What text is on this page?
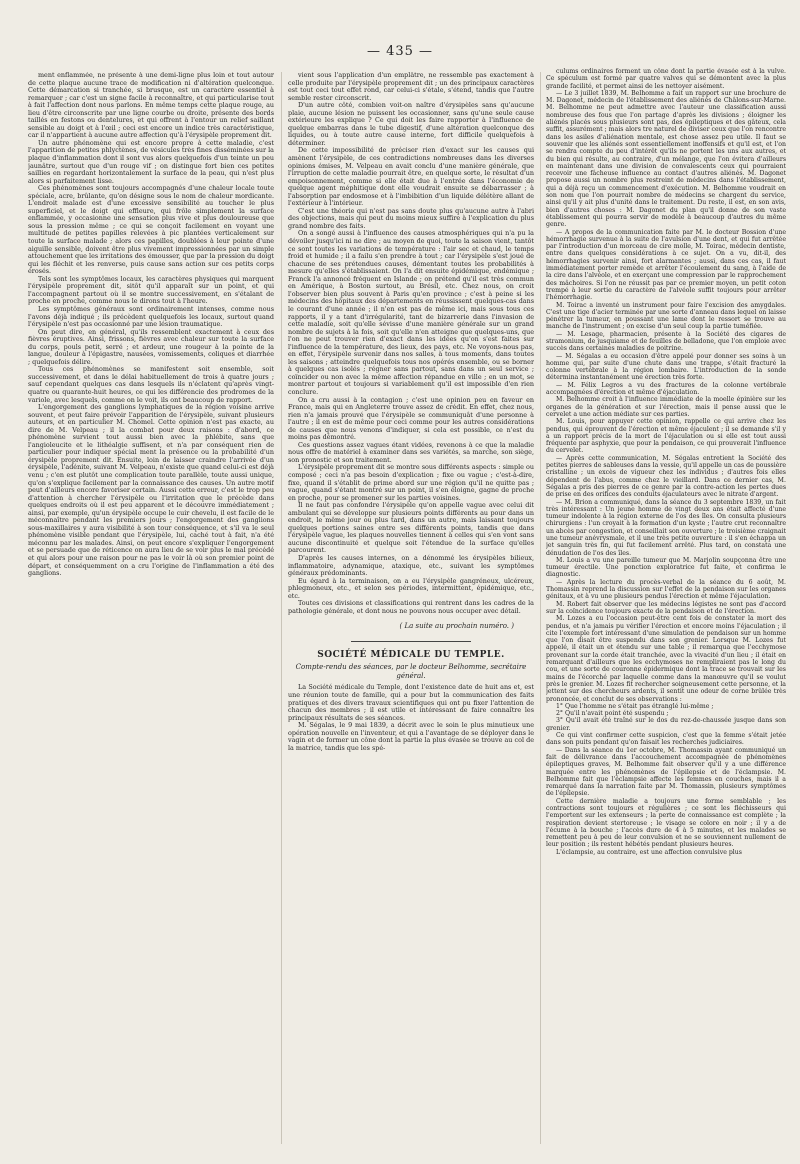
— 435 —

ment enflammée, ne présente à une demi-ligne plus loin et tout autour de cette plaque aucune trace de modification ni d'altération quelconque. Cette démarcation si tranchée, si brusque, est un caractère essentiel à remarquer ; car c'est un signe facile à reconnaître, et qui particularise tout à fait l'affection dont nous parlons. En même temps cette plaque rouge, au lieu d'être circonscrite par une ligne courbe ou droite, présente des bords taillés en festons ou dentelures, et qui offrent à l'entour un relief saillant sensible au doigt et à l'œil ; ceci est encore un indice très caractéristique, car il n'appartient à aucune autre affection qu'à l'érysipèle proprement dit.

Un autre phénomène qui est encore propre à cette maladie, c'est l'apparition de petites phlyctènes, de vésicules très fines disséminées sur la plaque d'inflammation dont il sont vus alors quelquefois d'un teinte un peu jaunâtre, surtout que d'un rouge vif ; on distingue fort bien ces petites saillies en regardant horizontalement la surface de la peau, qui n'est plus alors si parfaitement lisse.

Ces phénomènes sont toujours accompagnés d'une chaleur locale toute spéciale, acre, brûlante, qu'on désigne sous le nom de chaleur mordicante. L'endroit malade est d'une excessive sensibilité au toucher le plus superficiel, et le doigt qui effleure, qui frôle simplement la surface enflammée, y occasionne une sensation plus vive et plus douloureuse que sous la pression même ; ce qui se conçoit facilement en voyant une multitude de petites papilles relevées à pic plantées verticalement sur toute la surface malade ; alors ces papilles, doublées à leur pointe d'une aiguille sensible, doivent être plus vivement impressionnées par un simple attouchement que les irritations des émousser, que par la pression du doigt qui les fléchit et les renverse, puis cause sans action sur ces petits corps érosés.

Tels sont les symptômes locaux, les caractères physiques qui marquent l'érysipèle proprement dit, sitôt qu'il apparaît sur un point, et qui l'accompagnent partout où il se montre successivement, en s'étalant de proche en proche, comme nous le dirons tout à l'heure.

Les symptômes généraux sont ordinairement intenses, comme nous l'avons déjà indiqué ; ils précèdent quelquefois les locaux, surtout quand l'érysipèle n'est pas occasionné par une lésion traumatique.

On peut dire, en général, qu'ils ressemblent exactement à ceux des fièvres éruptives. Ainsi, frissons, fièvres avec chaleur sur toute la surface du corps, pouls petit, serré ; et ardeur, une rougeur à la pointe de la langue, douleur à l'épigastre, nausées, vomissements, coliques et diarrhée ; quelquefois délire.

Tous ces phénomènes se manifestent soit ensemble, soit successivement, et dans le délai habituellement de trois à quatre jours ; sauf cependant quelques cas dans lesquels ils n'éclatent qu'après vingt-quatre ou quarante-huit heures, ce qui les différencie des prodromes de la variole, avec lesquels, comme on le voit, ils ont beaucoup de rapport.

L'engorgement des ganglions lymphatiques de la région voisine arrive souvent, et peut faire prévoir l'apparition de l'érysipèle, suivant plusieurs auteurs, et en particulier M. Chomel. Cette opinion n'est pas exacte, au dire de M. Velpeau ; il la combat pour deux raisons : d'abord, ce phénomène survient tout aussi bien avec la phlébite, sans que l'angioleucite et le lithéalgie suffisent, et n'a par conséquent rien de particulier pour indiquer spécial ment la présence ou la probabilité d'un érysipèle proprement dit. Ensuite, loin de laisser craindre l'arrivée d'un érysipèle, l'adénite, suivant M. Velpeau, n'existe que quand celui-ci est déjà venu ; c'en est plutôt une complication toute parallèle, toute aussi unique, qu'on s'explique facilement par la connaissance des causes. Un autre motif peut d'ailleurs encore favoriser certain. Aussi cette erreur, c'est le trop peu d'attention à chercher l'érysipèle ou l'irritation que le précède dans quelques endroits où il est peu apparent et le découvre immédiatement ; ainsi, par exemple, qu'un érysipèle occupe le cuir chevelu, il est facile de le méconnaître pendant les premiers jours ; l'engorgement des ganglions sous-maxillaires y aura visibilité à son tour conséquence, et s'il va le seul phénomène visible pendant que l'érysipèle, lui, caché tout à fait, n'a été méconnu par les malades. Ainsi, on peut encore s'expliquer l'engorgement et se persuade que de réticence on aura lieu de se voir plus le mal précédé et qui alors pour une raison pour ne pas le voir là où son premier point de départ, et conséquemment on a cru l'origine de l'inflammation a été des ganglions.

vient sous l'application d'un emplâtre, ne ressemble pas exactement à celle produite par l'érysipèle proprement dit ; un des principaux caractères est tout ceci tout effet rond, car celui-ci s'étale, s'étend, tandis que l'autre semble rester circonscrit.

D'un autre côté, combien voit-on naître d'érysipèles sans qu'aucune plaie, aucune lésion ne puissent les occasionner, sans qu'une seule cause extérieure les explique ? Ce qui doit les faire rapporter à l'influence de quelque embarras dans le tube digestif, d'une altération quelconque des liquides, ou à toute autre cause interne, fort difficile quelquefois à déterminer.

De cette impossibilité de préciser rien d'exact sur les causes qui amènent l'érysipèle, de ces contradictions nombreuses dans les diverses opinions émises, M. Velpeau en avait conclu d'une manière générale, que l'irruption de cette maladie pourrait être, en quelque sorte, le résultat d'un empoisonnement, comme si elle était due à l'entrée dans l'économie de quelque agent méphitique dont elle voudrait ensuite se débarrasser ; à l'absorption par endosmose et à l'imbibition d'un liquide délétère allant de l'extérieur à l'intérieur.

C'est une théorie qui n'est pas sans doute plus qu'aucune autre à l'abri des objections, mais qui peut du moins mieux suffire à l'explication du plus grand nombre des faits.

On a songé aussi à l'influence des causes atmosphériques qui n'a pu la dévoiler jusqu'ici ni ne dire ; au moyen de quoi, toute la saison vient, tantôt ce sont toutes les variations de température : l'air sec et chaud, le temps froid et humide ; il a failu s'en prendre à tout ; car l'érysipèle s'est joué de chacune de ses prétendues causes, démentant toutes les probabilités à mesure qu'elles s'établissaient. On l'a dit ensuite épidémique, endémique ; Franck l'a annoncé fréquent en Islande ; on prétend qu'il est très commun en Amérique, à Boston surtout, au Brésil, etc. Chez nous, on croit l'observer bien plus souvent à Paris qu'en province ; c'est à peine si les médecins des hôpitaux des départements en réussissent quelques-cas dans le courant d'une année ; il n'en est pas de même ici, mais sous tous ces rapports, il y a tant d'irrégularité, tant de bizarrerie dans l'invasion de cette maladie, soit qu'elle sévisse d'une manière générale sur un grand nombre de sujets à la fois, soit qu'elle n'en atteigne que quelques-uns, que l'on ne peut trouver rien d'exact dans les idées qu'on s'est faites sur l'influence de la température, des lieux, des pays, etc. Ne voyons-nous pas, en effet, l'érysipèle survenir dans nos salles, à tous moments, dans toutes les saisons ; atteindre quelquefois tous nos opérés ensemble, ou se borner à quelques cas isolés ; régner sans partout, sans dans un seul service ; coïncider ou non avec la même affection répandue en ville ; en un mot, se montrer partout et toujours si variablement qu'il est impossible d'en rien conclure.

On a cru aussi à la contagion ; c'est une opinion peu en faveur en France, mais qui en Angleterre trouve assez de crédit. En effet, chez nous, rien n'a jamais prouvé que l'érysipèle se communiquât d'une personne à l'autre ; il en est de même pour ceci comme pour les autres considérations de causes que nous venons d'indiquer, si cela est possible, ce n'est du moins pas démontré.

Ces questions assez vagues étant vidées, revenons à ce que la maladie nous offre de matériel à examiner dans ses variétés, sa marche, son siège, son pronostic et son traitement.

L'érysipèle proprement dit se montre sous différents aspects : simple ou composé ; ceci n'a pas besoin d'explication ; fixe ou vague ; c'est-à-dire, fixe, quand il s'établit de prime abord sur une région qu'il ne quitte pas ; vague, quand s'étant montré sur un point, il s'en éloigne, gagne de proche en proche, pour se promener sur les parties voisines.

Il ne faut pas confondre l'érysipèle qu'on appelle vague avec celui dit ambulant qui se développe sur plusieurs points différents au pour dans un endroit, le même jour ou plus tard, dans un autre, mais laissant toujours quelques portions saines entre ses différents points, tandis que dans l'érysipèle vague, les plaques nouvelles tiennent à celles qui s'en vont sans aucune discontinuité et quelque soit l'étendue de la surface qu'elles parcourent.

D'après les causes internes, on a dénommé les érysipèles bilieux, inflammatoire, adynamique, ataxique, etc., suivant les symptômes généraux prédominants.

Eu égard à la terminaison, on a eu l'érysipèle gangréneux, ulcéreux, phlegmoneux, etc., et selon ses périodes, intermittent, épidémique, etc., etc.

Toutes ces divisions et classifications qui rentrent dans les cadres de la pathologie générale, et dont nous ne pouvons nous occuper avec détail.

( La suite au prochain numéro. )
SOCIÉTÉ MÉDICALE DU TEMPLE.
Compte-rendu des séances, par le docteur Belhomme, secrétaire général.

La Société médicale du Temple, dont l'existence date de huit ans et, est une réunion toute de famille, qui a pour but la communication des faits pratiques et des divers travaux scientifiques qui ont pu fixer l'attention de chacun des membres ; il est utile et intéressant de faire connaître les principaux résultats de ses séances.

M. Ségalas, le 9 mai 1839, a décrit avec le soin le plus minutieux une opération nouvelle en l'inventeur, et qui a l'avantage de se déployer dans le vagin et de former un cône dont la partie la plus évasée se trouve au col de la matrice, tandis que les spé-

culums ordinaires forment un cône dont la partie évasée est à la vulve. Ce spéculum est formé par quatre valves qui se démontent avec la plus grande facilité, et permet ainsi de les nettoyer aisément.

— Le 3 juillet 1839, M. Belhomme a fait un rapport sur une brochure de M. Dagonet, médecin de l'établissement des aliénés de Châlons-sur-Marne. M. Belhomme ne peut admettre avec l'auteur une classification aussi nombreuse des fous que l'on partage d'après les divisions ; éloigner les aliénés placés sous plusieurs sont pas, des épileptiques et des gâteux, cela suffit, assurément ; mais alors tre naturel de diviser ceux que l'on rencontre dans les asiles d'aliénation mentale, est chose assez peu utile. Il faut se souvenir que les aliénés sont essentiellement inoffensifs et qu'il est, et l'on se rendra compte du peu d'intérêt qu'ils ne portent les uns aux autres, et du bien qui résulte, au contraire, d'un mélange, que l'on évitera d'ailleurs en maintenant dans une division de convalescents ceux qui pourraient recevoir une fâcheuse influence au contact d'autres aliénés. M. Dagonet propose aussi un nombre plus restreint de médecins dans l'établissement, qui a déjà reçu un commencement d'exécution. M. Belhomme voudrait en son nom que l'on pourrait nombre de médecins se chargent du service, ainsi qu'il y ait plus d'unité dans le traitement. Du reste, il est, en son avis, bien d'autres choses : M. Dagonet du plan qu'il donne de son vaste établissement qui pourra servir de modèle à beaucoup d'autres du même genre.

— A propos de la communication faite par M. le docteur Bossion d'une hémorrhagie survenue à la suite de l'avulsion d'une dent, et qui fut arrêtée par l'introduction d'un morceau de cire molle, M. Toirac, médecin dentiste, entre dans quelques considérations à ce sujet. On a vu, dit-il, des hémorrhagies survenir ainsi, fort alarmantes ; aussi, dans ces cas, il faut immédiatement porter remède et arrêter l'écoulement du sang, à l'aide de la cire dans l'alvéole, et en exerçant une compression par le rapprochement des mâchoires. Si l'on ne réussit pas par ce premier moyen, un petit coton trempé à leur sortie du caractère de l'alvéole suffit toujours pour arrêter l'hémorrhagie.

M. Toirac a inventé un instrument pour faire l'excision des amygdales. C'est une tige d'acier terminée par une sorte d'anneau dans lequel on laisse pénétrer la tumeur, en poussant une lame dont le ressort se trouve au manche de l'instrument ; on excise d'un seul coup la partie tuméfiée.

— M. Lesage, pharmacien, présente à la Société des cigares de stramonium, de jusquiame et de feuilles de belladone, que l'on emploie avec succès dans certaines maladies de poitrine.

— M. Ségalas a eu occasion d'être appelé pour donner ses soins à un homme qui, par suite d'une chute dans une trappe, s'était fracturé la colonne vertébrale à la région lombaire. L'introduction de la sonde détermina instantanément une érection très forte.

— M. Félix Legros a vu des fractures de la colonne vertébrale accompagnées d'érection et même d'éjaculation.

M. Belhomme croit à l'influence immédiate de la moelle épinière sur les organes de la génération et sur l'érection, mais il pense aussi que le cervelet a une action médiate sur ces parties.

M. Louis, pour appuyer cette opinion, rappelle ce qui arrive chez les pendus, qui éprouvent de l'érection et même éjaculent ; il se demande s'il y a un rapport précis de la mort de l'éjaculation ou si elle est tout aussi fréquente par asphyxie, que pour la pendaison, ce qui prouverait l'influence du cervelet.

— Après cette communication, M. Ségalas entretient la Société des petites pierres de sableuses dans la vessie, qu'il appelle un cas de poussière cristalline ; un excès de vigueur chez les individus ; d'autres fois elles dépendent de l'abus, comme chez le vieillard. Dans ce dernier cas, M. Ségalas a pris des pierres de ce genre par la contre-action les pertes dues de prise en des orifices des conduits éjaculateurs avec le nitrate d'argent.

— M. Brion a communiqué, dans la séance du 3 septembre 1839, un fait très intéressant : Un jeune homme de vingt deux ans était affecté d'une tumeur indolente à la région externe de l'os des îles. On consulta plusieurs chirurgiens : l'un croyait à la formation d'un kyste ; l'autre crut reconnaître un abcès par congestion, et conseillait son ouverture ; le troisième craignait une tumeur anévrysmale, et il une très petite ouverture : il s'en échappa un jet sanguin très fin, qui fut facilement arrêté. Plus tard, on constata une dénudation de l'os des îles.

M. Louis a vu une pareille tumeur que M. Marjolin soupçonna être une tumeur érectile. Une ponction exploratrice fut faite, et confirma le diagnostic.

— Après la lecture du procès-verbal de la séance du 6 août, M. Thomassin reprend la discussion sur l'effet de la pendaison sur les organes génitaux, et à vu une plusieurs pendus l'érection et même l'éjaculation.

M. Robert fait observer que les médecins légistes ne sont pas d'accord sur la coïncidence toujours exacte de la pendaison et de l'érection.

M. Lozes a eu l'occasion peut-être cent fois de constater la mort des pendus, et n'a jamais pu vérifier l'érection et encore moins l'éjaculation ; il cite l'exemple fort intéressant d'une simulation de pendaison sur un homme que l'on disait être suspendu dans son grenier. Lorsque M. Lozes fut appelé, il était un et étendu sur une table ; il remarqua que l'ecchymose provenant sur la corde était tranchée, avec la vivacité d'un lieu ; il était en remarquant d'ailleurs que les ecchymoses ne rempliraient pas le long du cou, et une sorte de couronne épidermique dont la trace se trouvait sur les mains de l'écorché par laquelle comme dans la manœuvre qu'il se voulut près le grenier. M. Lozes fit rechercher soigneusement cette personne, et la jettent sur des chercheurs ardents, il sentit une odeur de corne brûlée très prononcée, et conclut de ses observations :

1° Que l'homme ne s'était pas étranglé lui-même ;

2° Qu'il n'avait point été suspendu ;

3° Qu'il avait été traîné sur le dos du rez-de-chaussée jusque dans son grenier.

Ce qui vint confirmer cette suspicion, c'est que la femme s'était jetée dans son puits pendant qu'on faisait les recherches judiciaires.

— Dans la séance du 1er octobre, M. Thomassin ayant communiqué un fait de délivrance dans l'accouchement accompagnée de phénomènes épileptiques graves, M. Belhomme fait observer qu'il y a une différence marquée entre les phénomènes de l'épilepsie et de l'éclampsie. M. Belhomme fait que l'éclampsie affecte les femmes en couches, mais il a remarqué dans la narration faite par M. Thomassin, plusieurs symptômes de l'épilepsie.

Cette dernière maladie a toujours une forme semblable ; les contractions sont toujours et régulières ; ce sont les fléchisseurs qui l'emportent sur les extenseurs ; la perte de connaissance est complète ; la respiration devient stertoreuse ; le visage se colore en noir ; il y a de l'écume à la bouche ; l'accès dure de 4 à 5 minutes, et les malades se remettent peu à peu de leur convulsion et ne se souviennent nullement de leur position ; ils restent hébétés pendant plusieurs heures.

L'éclampsie, au contraire, est une affection convulsive plus
